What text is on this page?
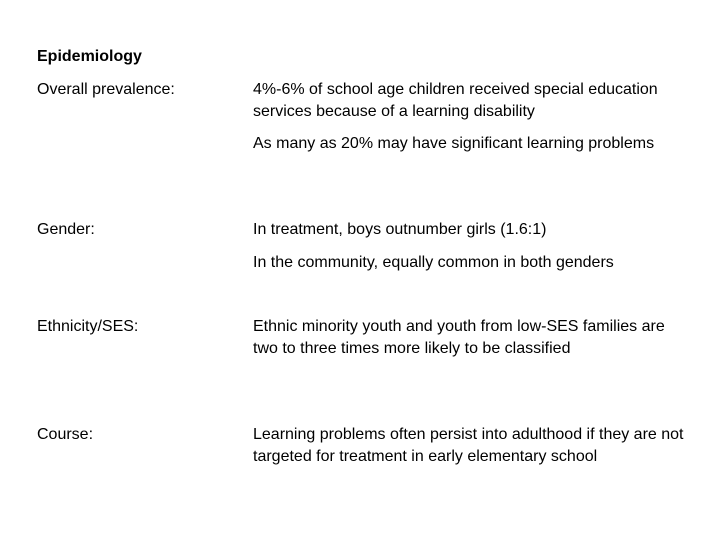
Epidemiology
Overall prevalence:	4%-6% of school age children received special education services because of a learning disability
As many as 20% may have significant learning problems
Gender:	In treatment, boys outnumber girls (1.6:1)
In the community, equally common in both genders
Ethnicity/SES:	Ethnic minority youth and youth from low-SES families are two to three times more likely to be classified
Course:	Learning problems often persist into adulthood if they are not targeted for treatment in early elementary school
